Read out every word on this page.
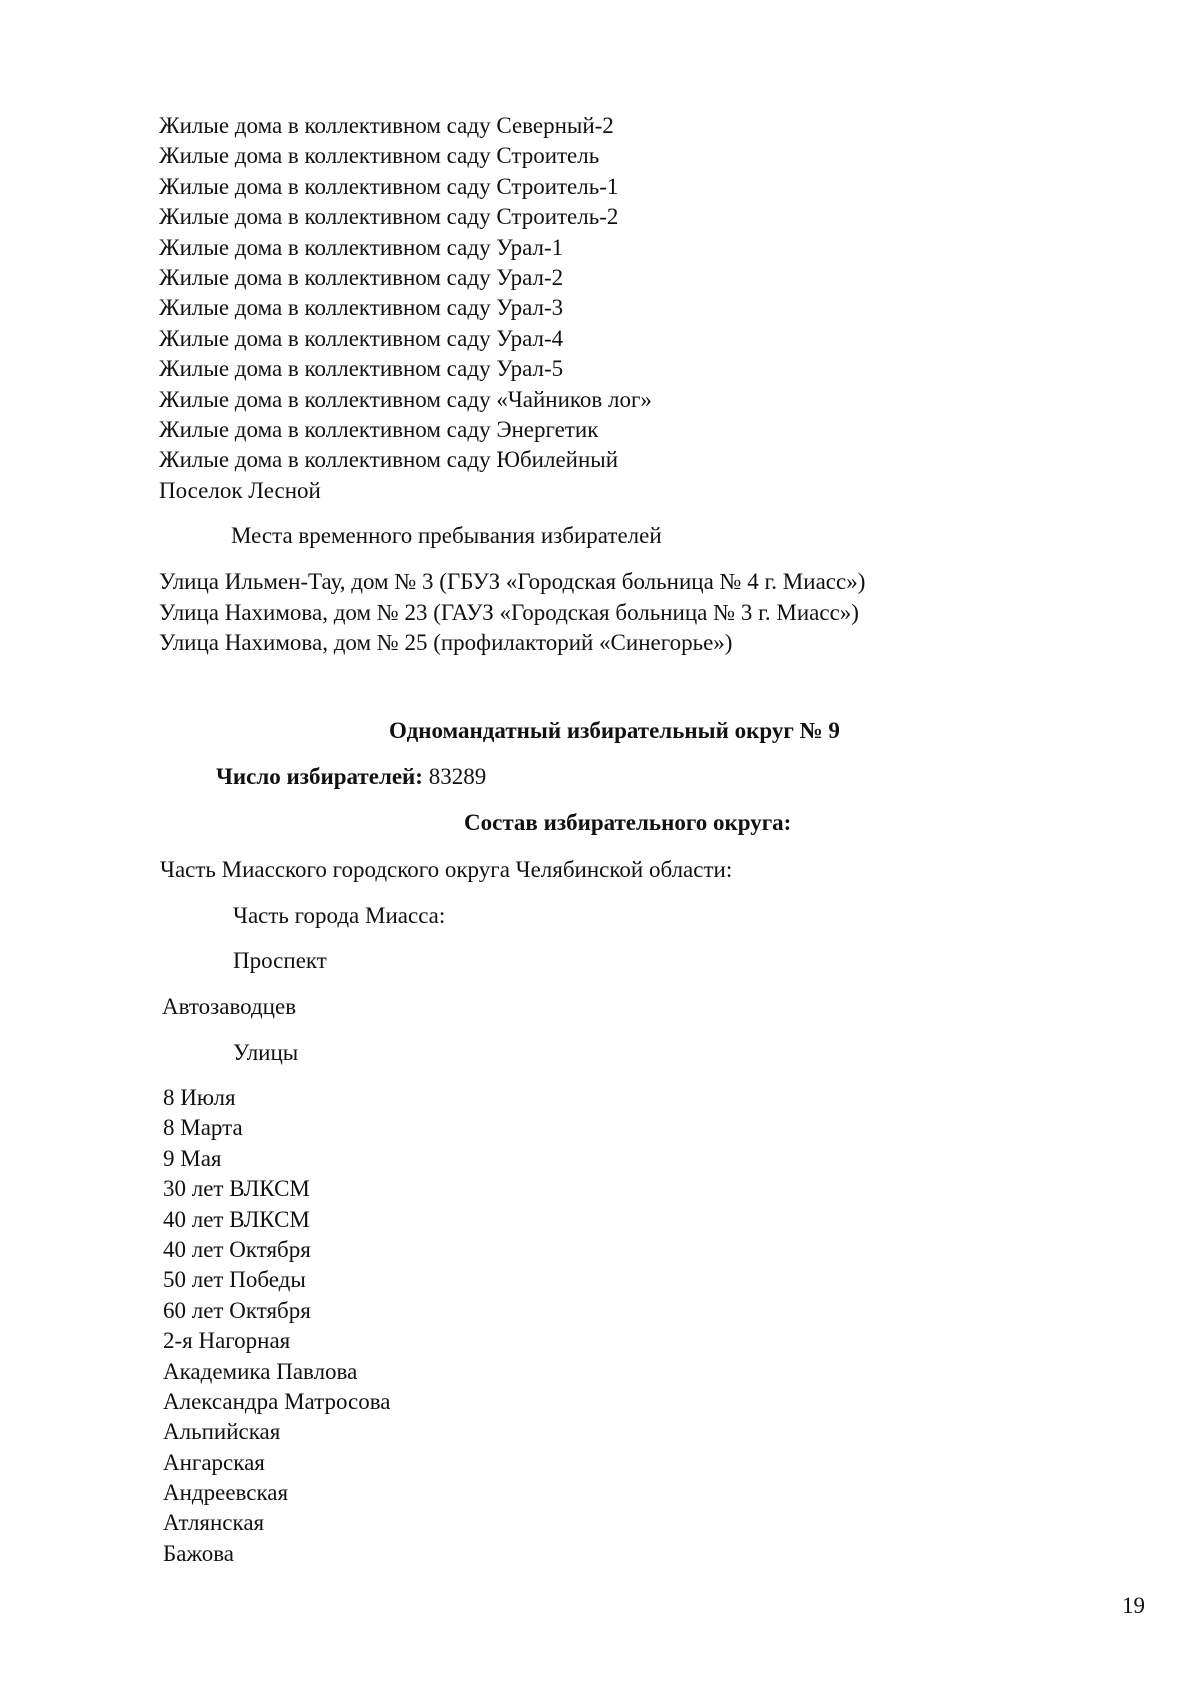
Жилые дома в коллективном саду Северный-2
Жилые дома в коллективном саду Строитель
Жилые дома в коллективном саду Строитель-1
Жилые дома в коллективном саду Строитель-2
Жилые дома в коллективном саду Урал-1
Жилые дома в коллективном саду Урал-2
Жилые дома в коллективном саду Урал-3
Жилые дома в коллективном саду Урал-4
Жилые дома в коллективном саду Урал-5
Жилые дома в коллективном саду «Чайников лог»
Жилые дома в коллективном саду Энергетик
Жилые дома в коллективном саду Юбилейный
Поселок Лесной
Места временного пребывания избирателей
Улица Ильмен-Тау, дом № 3 (ГБУЗ «Городская больница № 4 г. Миасс»)
Улица Нахимова, дом № 23 (ГАУЗ «Городская больница № 3 г. Миасс»)
Улица Нахимова, дом № 25 (профилакторий «Синегорье»)
Одномандатный избирательный округ № 9
Число избирателей: 83289
Состав избирательного округа:
Часть Миасского городского округа Челябинской области:
Часть города Миасса:
Проспект
Автозаводцев
Улицы
8 Июля
8 Марта
9 Мая
30 лет ВЛКСМ
40 лет ВЛКСМ
40 лет Октября
50 лет Победы
60 лет Октября
2-я Нагорная
Академика Павлова
Александра Матросова
Альпийская
Ангарская
Андреевская
Атлянская
Бажова
19
